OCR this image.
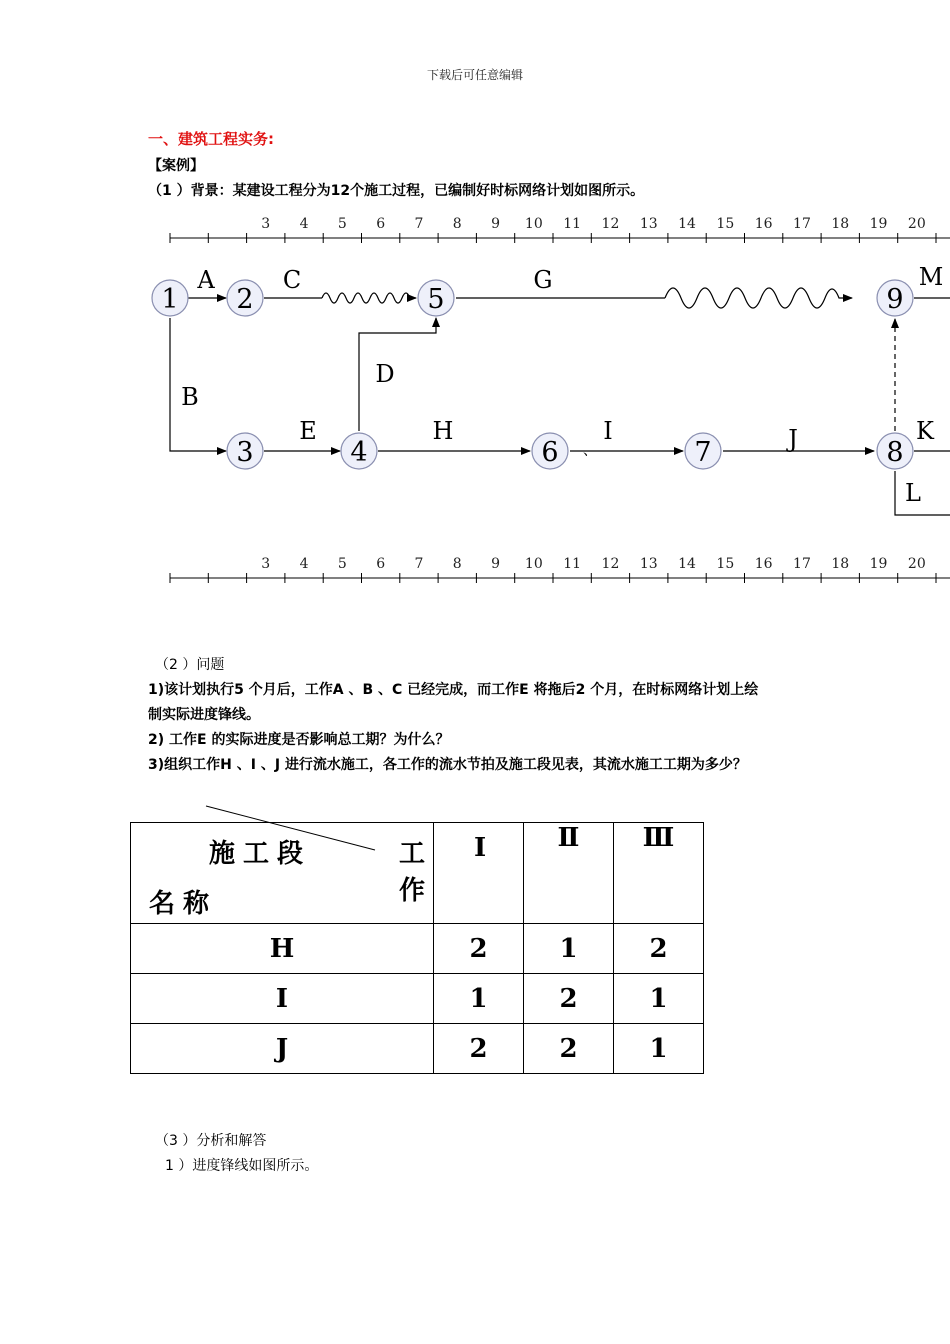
下载后可任意编辑
一、建筑工程实务:
【案例】
（1 ）背景：某建设工程分为12个施工过程，已编制好时标网络计划如图所示。
3 4 5 6 7 8 9 10 11 12 13 14 15 16 17 18 19 20
3 4 5 6 7 8 9 10 11 12 13 14 15 16 17 18 19 20
1 2
3	4
5
6	7	8
9
A	C	G	M
B
D
E	H	I	J	K
L
、
（2 ）问题
1)该计划执行5 个月后，工作A 、B 、C 已经完成，而工作E 将拖后2 个月，在时标网络计划上绘
制实际进度锋线。
2) 工作E 的实际进度是否影响总工期？为什么？
3)组织工作H 、I 、J 进行流水施工，各工作的流水节拍及施工段见表，其流水施工工期为多少？
施工段 工作
名称	I	Ⅱ	Ⅲ
H	2	1	2
I	1	2	1
J	2	2	1
（3 ）分析和解答
1 ）进度锋线如图所示。
